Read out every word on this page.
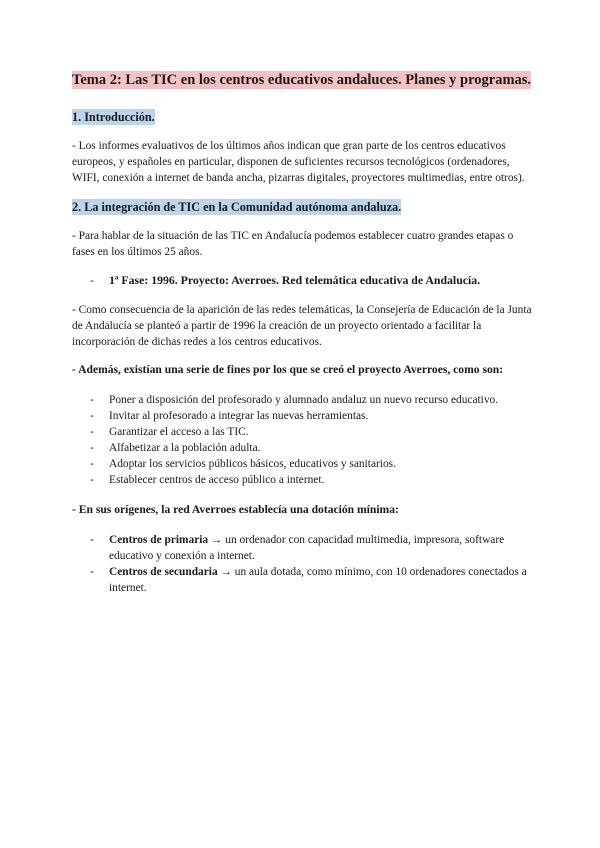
Tema 2: Las TIC en los centros educativos andaluces. Planes y programas.
1. Introducción.

- Los informes evaluativos de los últimos años indican que gran parte de los centros educativos europeos, y españoles en particular, disponen de suficientes recursos tecnológicos (ordenadores, WIFI, conexión a internet de banda ancha, pizarras digitales, proyectores multimedias, entre otros).

2. La integración de TIC en la Comunidad autónoma andaluza.

- Para hablar de la situación de las TIC en Andalucía podemos establecer cuatro grandes etapas o fases en los últimos 25 años.

- 1ª Fase: 1996. Proyecto: Averroes. Red telemática educativa de Andalucía.

- Como consecuencia de la aparición de las redes telemáticas, la Consejería de Educación de la Junta de Andalucía se planteó a partir de 1996 la creación de un proyecto orientado a facilitar la incorporación de dichas redes a los centros educativos.

- Además, existían una serie de fines por los que se creó el proyecto Averroes, como son:

- Poner a disposición del profesorado y alumnado andaluz un nuevo recurso educativo.
- Invitar al profesorado a integrar las nuevas herramientas.
- Garantizar el acceso a las TIC.
- Alfabetizar a la población adulta.
- Adoptar los servicios públicos básicos, educativos y sanitarios.
- Establecer centros de acceso público a internet.

- En sus orígenes, la red Averroes establecía una dotación mínima:

- Centros de primaria → un ordenador con capacidad multimedia, impresora, software educativo y conexión a internet.
- Centros de secundaria → un aula dotada, como mínimo, con 10 ordenadores conectados a internet.
